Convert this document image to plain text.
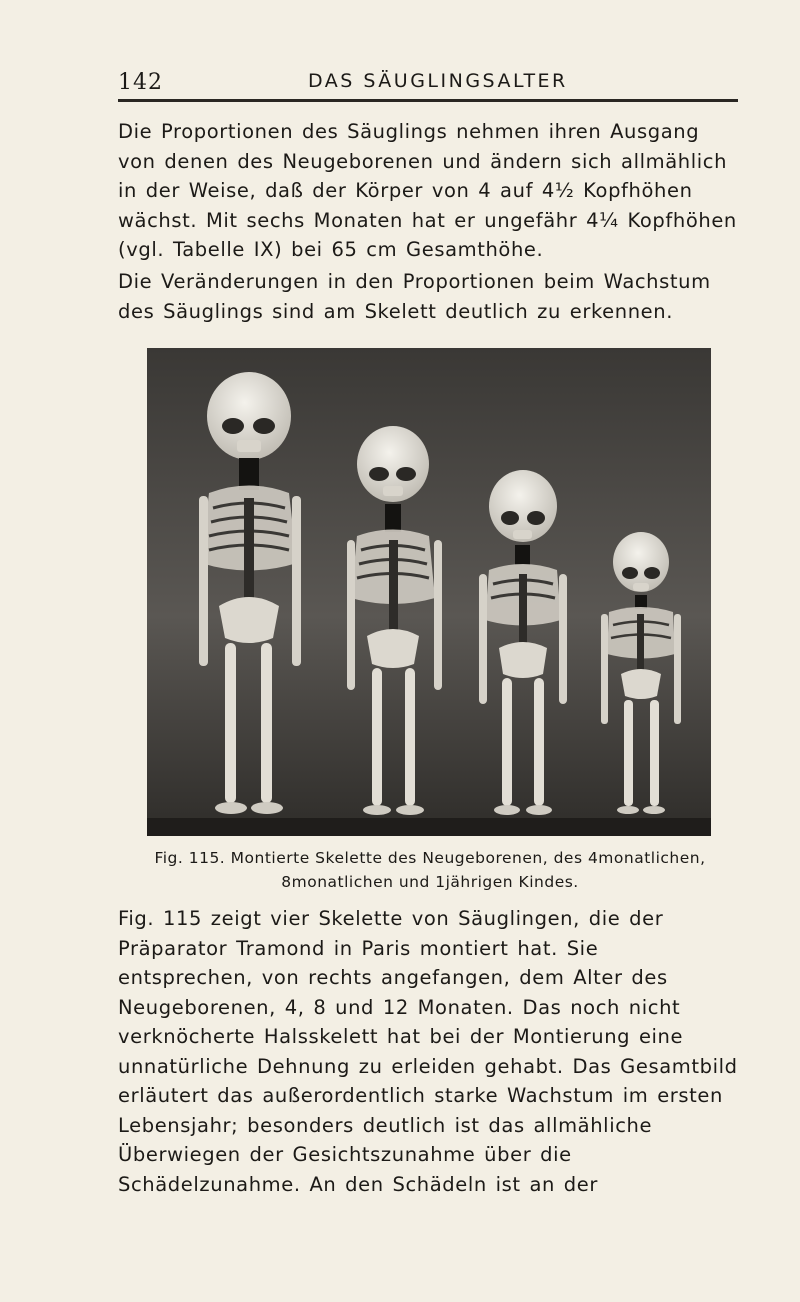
142	DAS SÄUGLINGSALTER

Die Proportionen des Säuglings nehmen ihren Ausgang von denen des Neugeborenen und ändern sich allmählich in der Weise, daß der Körper von 4 auf 4½ Kopfhöhen wächst. Mit sechs Monaten hat er ungefähr 4¼ Kopfhöhen (vgl. Tabelle IX) bei 65 cm Gesamthöhe.

Die Veränderungen in den Proportionen beim Wachstum des Säuglings sind am Skelett deutlich zu erkennen.

Fig. 115. Montierte Skelette des Neugeborenen, des 4monatlichen, 8monatlichen und 1jährigen Kindes.

Fig. 115 zeigt vier Skelette von Säuglingen, die der Präparator Tramond in Paris montiert hat. Sie entsprechen, von rechts angefangen, dem Alter des Neugeborenen, 4, 8 und 12 Monaten. Das noch nicht verknöcherte Halsskelett hat bei der Montierung eine unnatürliche Dehnung zu erleiden gehabt. Das Gesamtbild erläutert das außerordentlich starke Wachstum im ersten Lebensjahr; besonders deutlich ist das allmähliche Überwiegen der Gesichtszunahme über die Schädelzunahme. An den Schädeln ist an der
